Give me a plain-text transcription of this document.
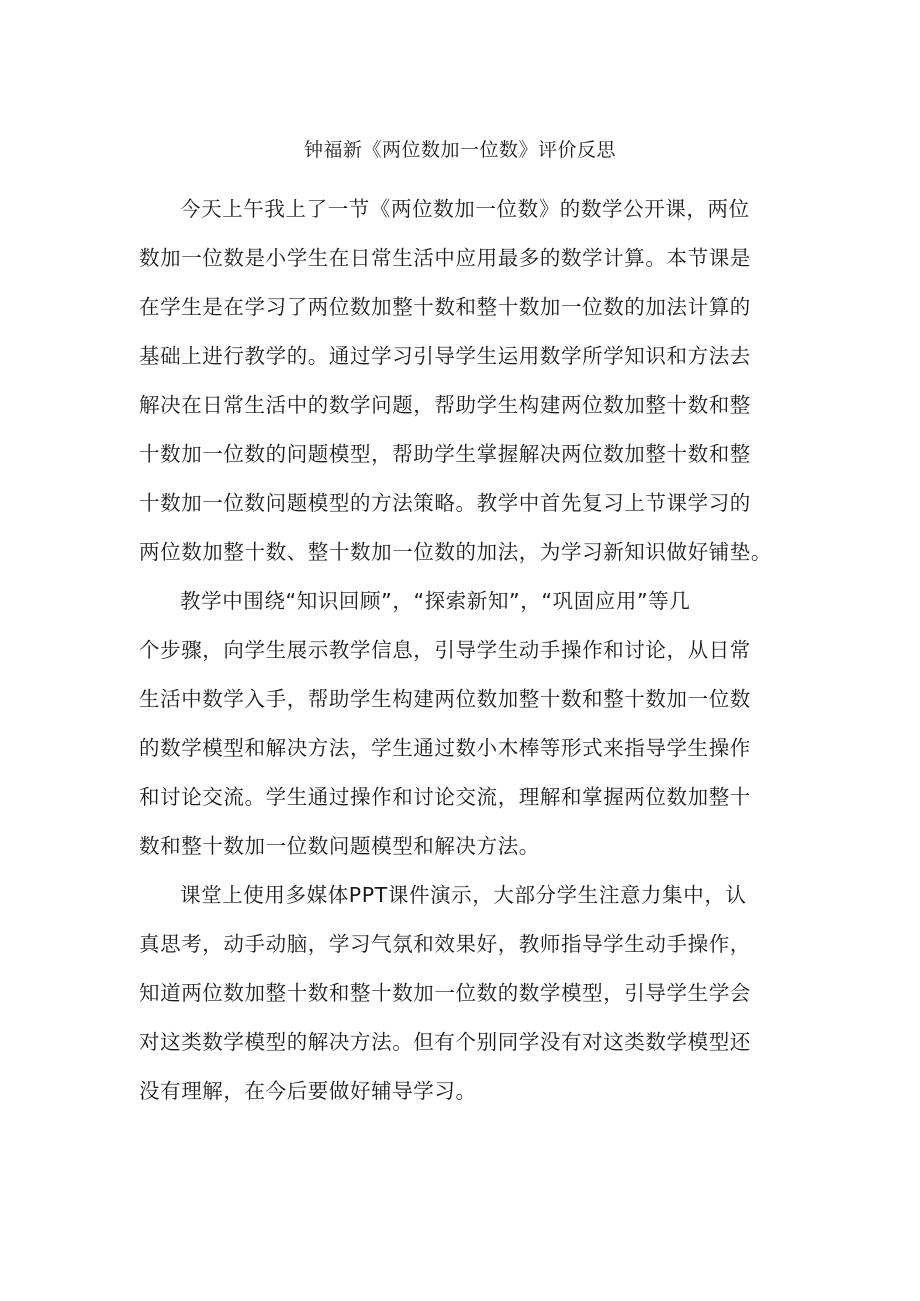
钟福新《两位数加一位数》评价反思
今天上午我上了一节《两位数加一位数》的数学公开课，两位
数加一位数是小学生在日常生活中应用最多的数学计算。本节课是
在学生是在学习了两位数加整十数和整十数加一位数的加法计算的
基础上进行教学的。通过学习引导学生运用数学所学知识和方法去
解决在日常生活中的数学问题，帮助学生构建两位数加整十数和整
十数加一位数的问题模型，帮助学生掌握解决两位数加整十数和整
十数加一位数问题模型的方法策略。教学中首先复习上节课学习的
两位数加整十数、整十数加一位数的加法，为学习新知识做好铺垫。
教学中围绕“知识回顾”，“探索新知”，“巩固应用”等几
个步骤，向学生展示教学信息，引导学生动手操作和讨论，从日常
生活中数学入手，帮助学生构建两位数加整十数和整十数加一位数
的数学模型和解决方法，学生通过数小木棒等形式来指导学生操作
和讨论交流。学生通过操作和讨论交流，理解和掌握两位数加整十
数和整十数加一位数问题模型和解决方法。
课堂上使用多媒体PPT课件演示，大部分学生注意力集中，认
真思考，动手动脑，学习气氛和效果好，教师指导学生动手操作，
知道两位数加整十数和整十数加一位数的数学模型，引导学生学会
对这类数学模型的解决方法。但有个别同学没有对这类数学模型还
没有理解，在今后要做好辅导学习。
